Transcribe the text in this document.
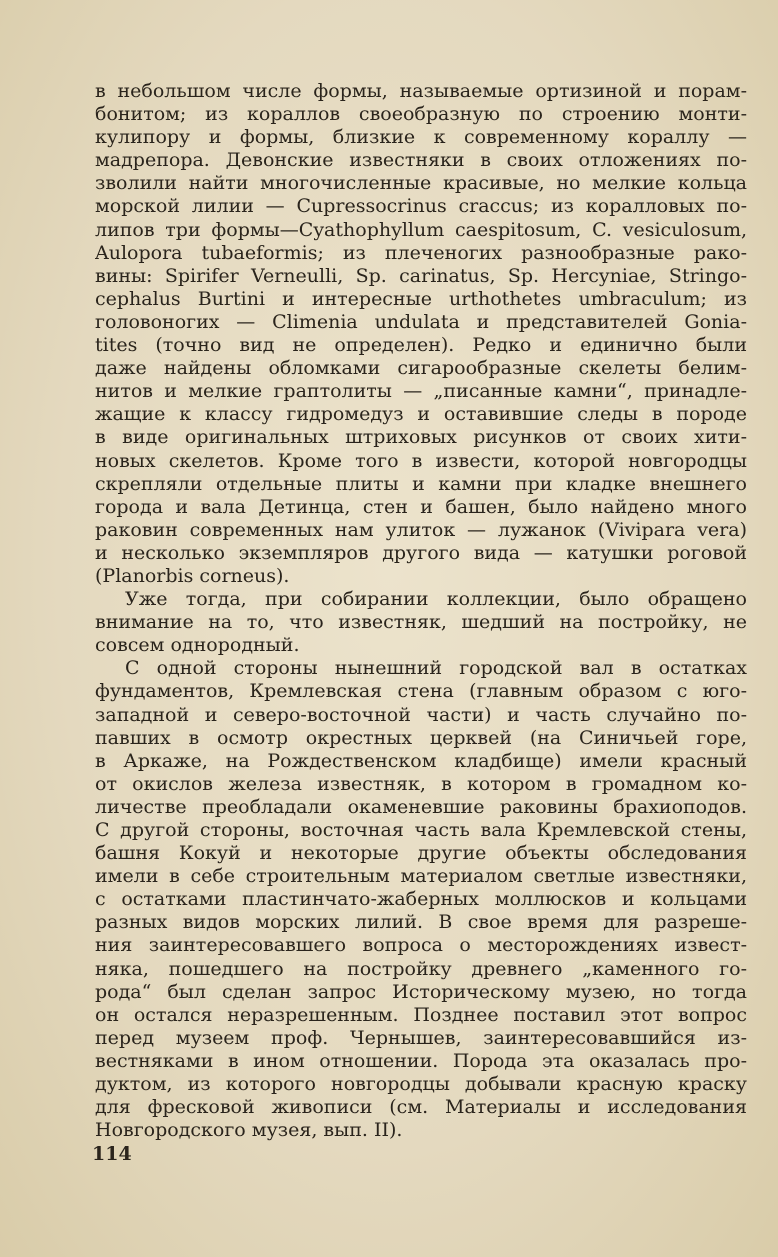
в небольшом числе формы, называемые ортизиной и порам-
бонитом; из кораллов своеобразную по строению монти-
кулипору и формы, близкие к современному кораллу —
мадрепора. Девонские известняки в своих отложениях по-
зволили найти многочисленные красивые, но мелкие кольца
морской лилии — Cupressocrinus craccus; из коралловых по-
липов три формы—Cyathophyllum caespitosum, C. vesiculosum,
Aulopora tubaeformis; из плеченогих разнообразные рако-
вины: Spirifer Verneulli, Sp. carinatus, Sp. Hercyniae, Stringo-
cephalus Burtini и интересные urthothetes umbraculum; из
головоногих — Climenia undulata и представителей Gonia-
tites (точно вид не определен). Редко и единично были
даже найдены обломками сигарообразные скелеты белим-
нитов и мелкие граптолиты — „писанные камни“, принадле-
жащие к классу гидромедуз и оставившие следы в породе
в виде оригинальных штриховых рисунков от своих хити-
новых скелетов. Кроме того в извести, которой новгородцы
скрепляли отдельные плиты и камни при кладке внешнего
города и вала Детинца, стен и башен, было найдено много
раковин современных нам улиток — лужанок (Vivipara vera)
и несколько экземпляров другого вида — катушки роговой
(Planorbis corneus).
Уже тогда, при собирании коллекции, было обращено
внимание на то, что известняк, шедший на постройку, не
совсем однородный.
С одной стороны нынешний городской вал в остатках
фундаментов, Кремлевская стена (главным образом с юго-
западной и северо-восточной части) и часть случайно по-
павших в осмотр окрестных церквей (на Синичьей горе,
в Аркаже, на Рождественском кладбище) имели красный
от окислов железа известняк, в котором в громадном ко-
личестве преобладали окаменевшие раковины брахиоподов.
С другой стороны, восточная часть вала Кремлевской стены,
башня Кокуй и некоторые другие объекты обследования
имели в себе строительным материалом светлые известняки,
с остатками пластинчато-жаберных моллюсков и кольцами
разных видов морских лилий. В свое время для разреше-
ния заинтересовавшего вопроса о месторождениях извест-
няка, пошедшего на постройку древнего „каменного го-
рода“ был сделан запрос Историческому музею, но тогда
он остался неразрешенным. Позднее поставил этот вопрос
перед музеем проф. Чернышев, заинтересовавшийся из-
вестняками в ином отношении. Порода эта оказалась про-
дуктом, из которого новгородцы добывали красную краску
для фресковой живописи (см. Материалы и исследования
Новгородского музея, вып. II).
114
